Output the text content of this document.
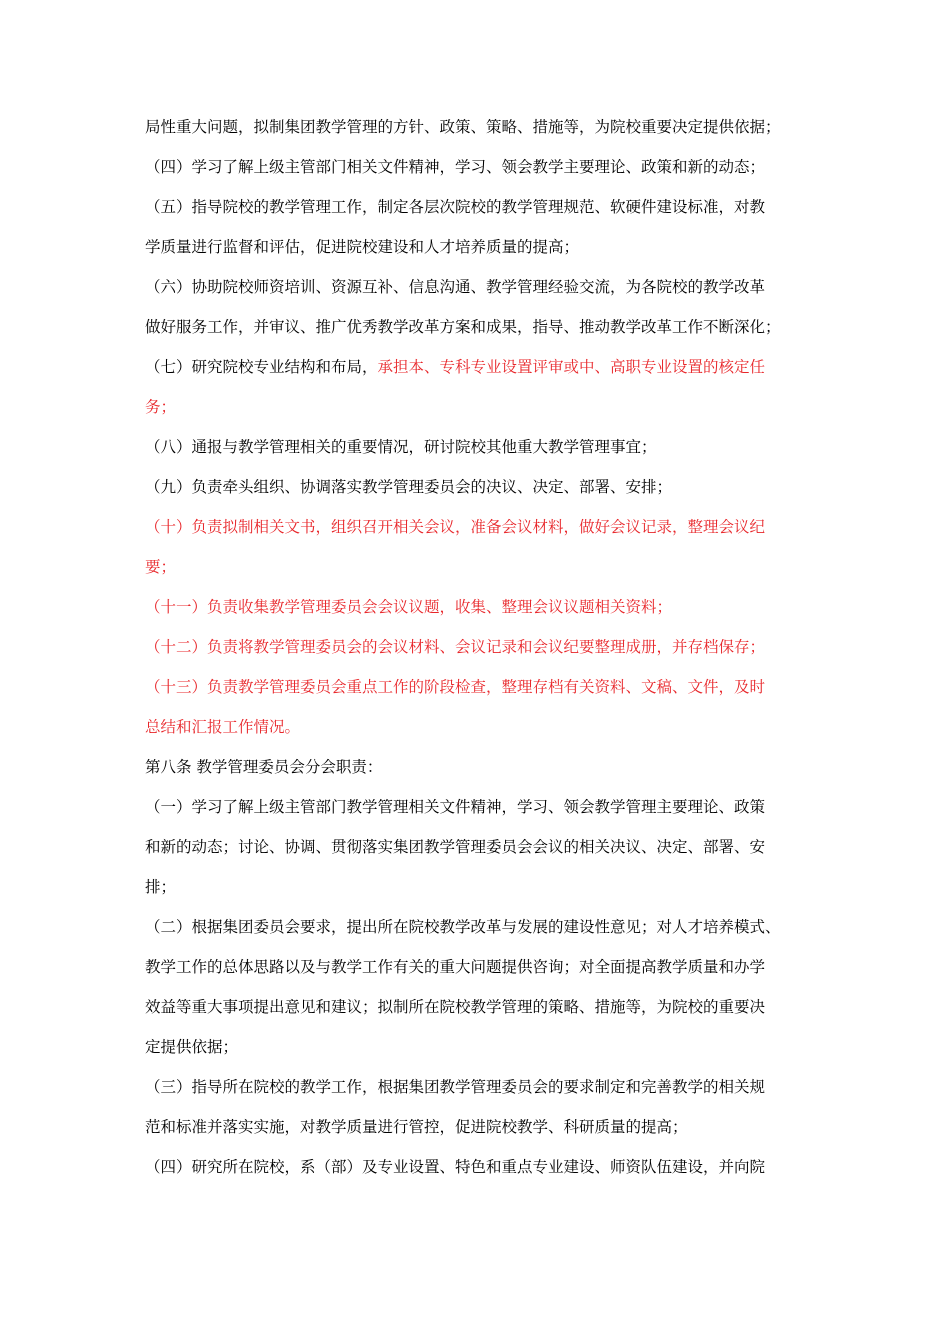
局性重大问题，拟制集团教学管理的方针、政策、策略、措施等，为院校重要决定提供依据；
（四）学习了解上级主管部门相关文件精神，学习、领会教学主要理论、政策和新的动态；
（五）指导院校的教学管理工作，制定各层次院校的教学管理规范、软硬件建设标准，对教
学质量进行监督和评估，促进院校建设和人才培养质量的提高；
（六）协助院校师资培训、资源互补、信息沟通、教学管理经验交流，为各院校的教学改革
做好服务工作，并审议、推广优秀教学改革方案和成果，指导、推动教学改革工作不断深化；
（七）研究院校专业结构和布局，承担本、专科专业设置评审或中、高职专业设置的核定任
务；
（八）通报与教学管理相关的重要情况，研讨院校其他重大教学管理事宜；
（九）负责牵头组织、协调落实教学管理委员会的决议、决定、部署、安排；
（十）负责拟制相关文书，组织召开相关会议，准备会议材料，做好会议记录，整理会议纪
要；
（十一）负责收集教学管理委员会会议议题，收集、整理会议议题相关资料；
（十二）负责将教学管理委员会的会议材料、会议记录和会议纪要整理成册，并存档保存；
（十三）负责教学管理委员会重点工作的阶段检查，整理存档有关资料、文稿、文件，及时
总结和汇报工作情况。
第八条 教学管理委员会分会职责：
（一）学习了解上级主管部门教学管理相关文件精神，学习、领会教学管理主要理论、政策
和新的动态；讨论、协调、贯彻落实集团教学管理委员会会议的相关决议、决定、部署、安
排；
（二）根据集团委员会要求，提出所在院校教学改革与发展的建设性意见；对人才培养模式、
教学工作的总体思路以及与教学工作有关的重大问题提供咨询；对全面提高教学质量和办学
效益等重大事项提出意见和建议；拟制所在院校教学管理的策略、措施等，为院校的重要决
定提供依据；
（三）指导所在院校的教学工作，根据集团教学管理委员会的要求制定和完善教学的相关规
范和标准并落实实施，对教学质量进行管控，促进院校教学、科研质量的提高；
（四）研究所在院校，系（部）及专业设置、特色和重点专业建设、师资队伍建设，并向院
